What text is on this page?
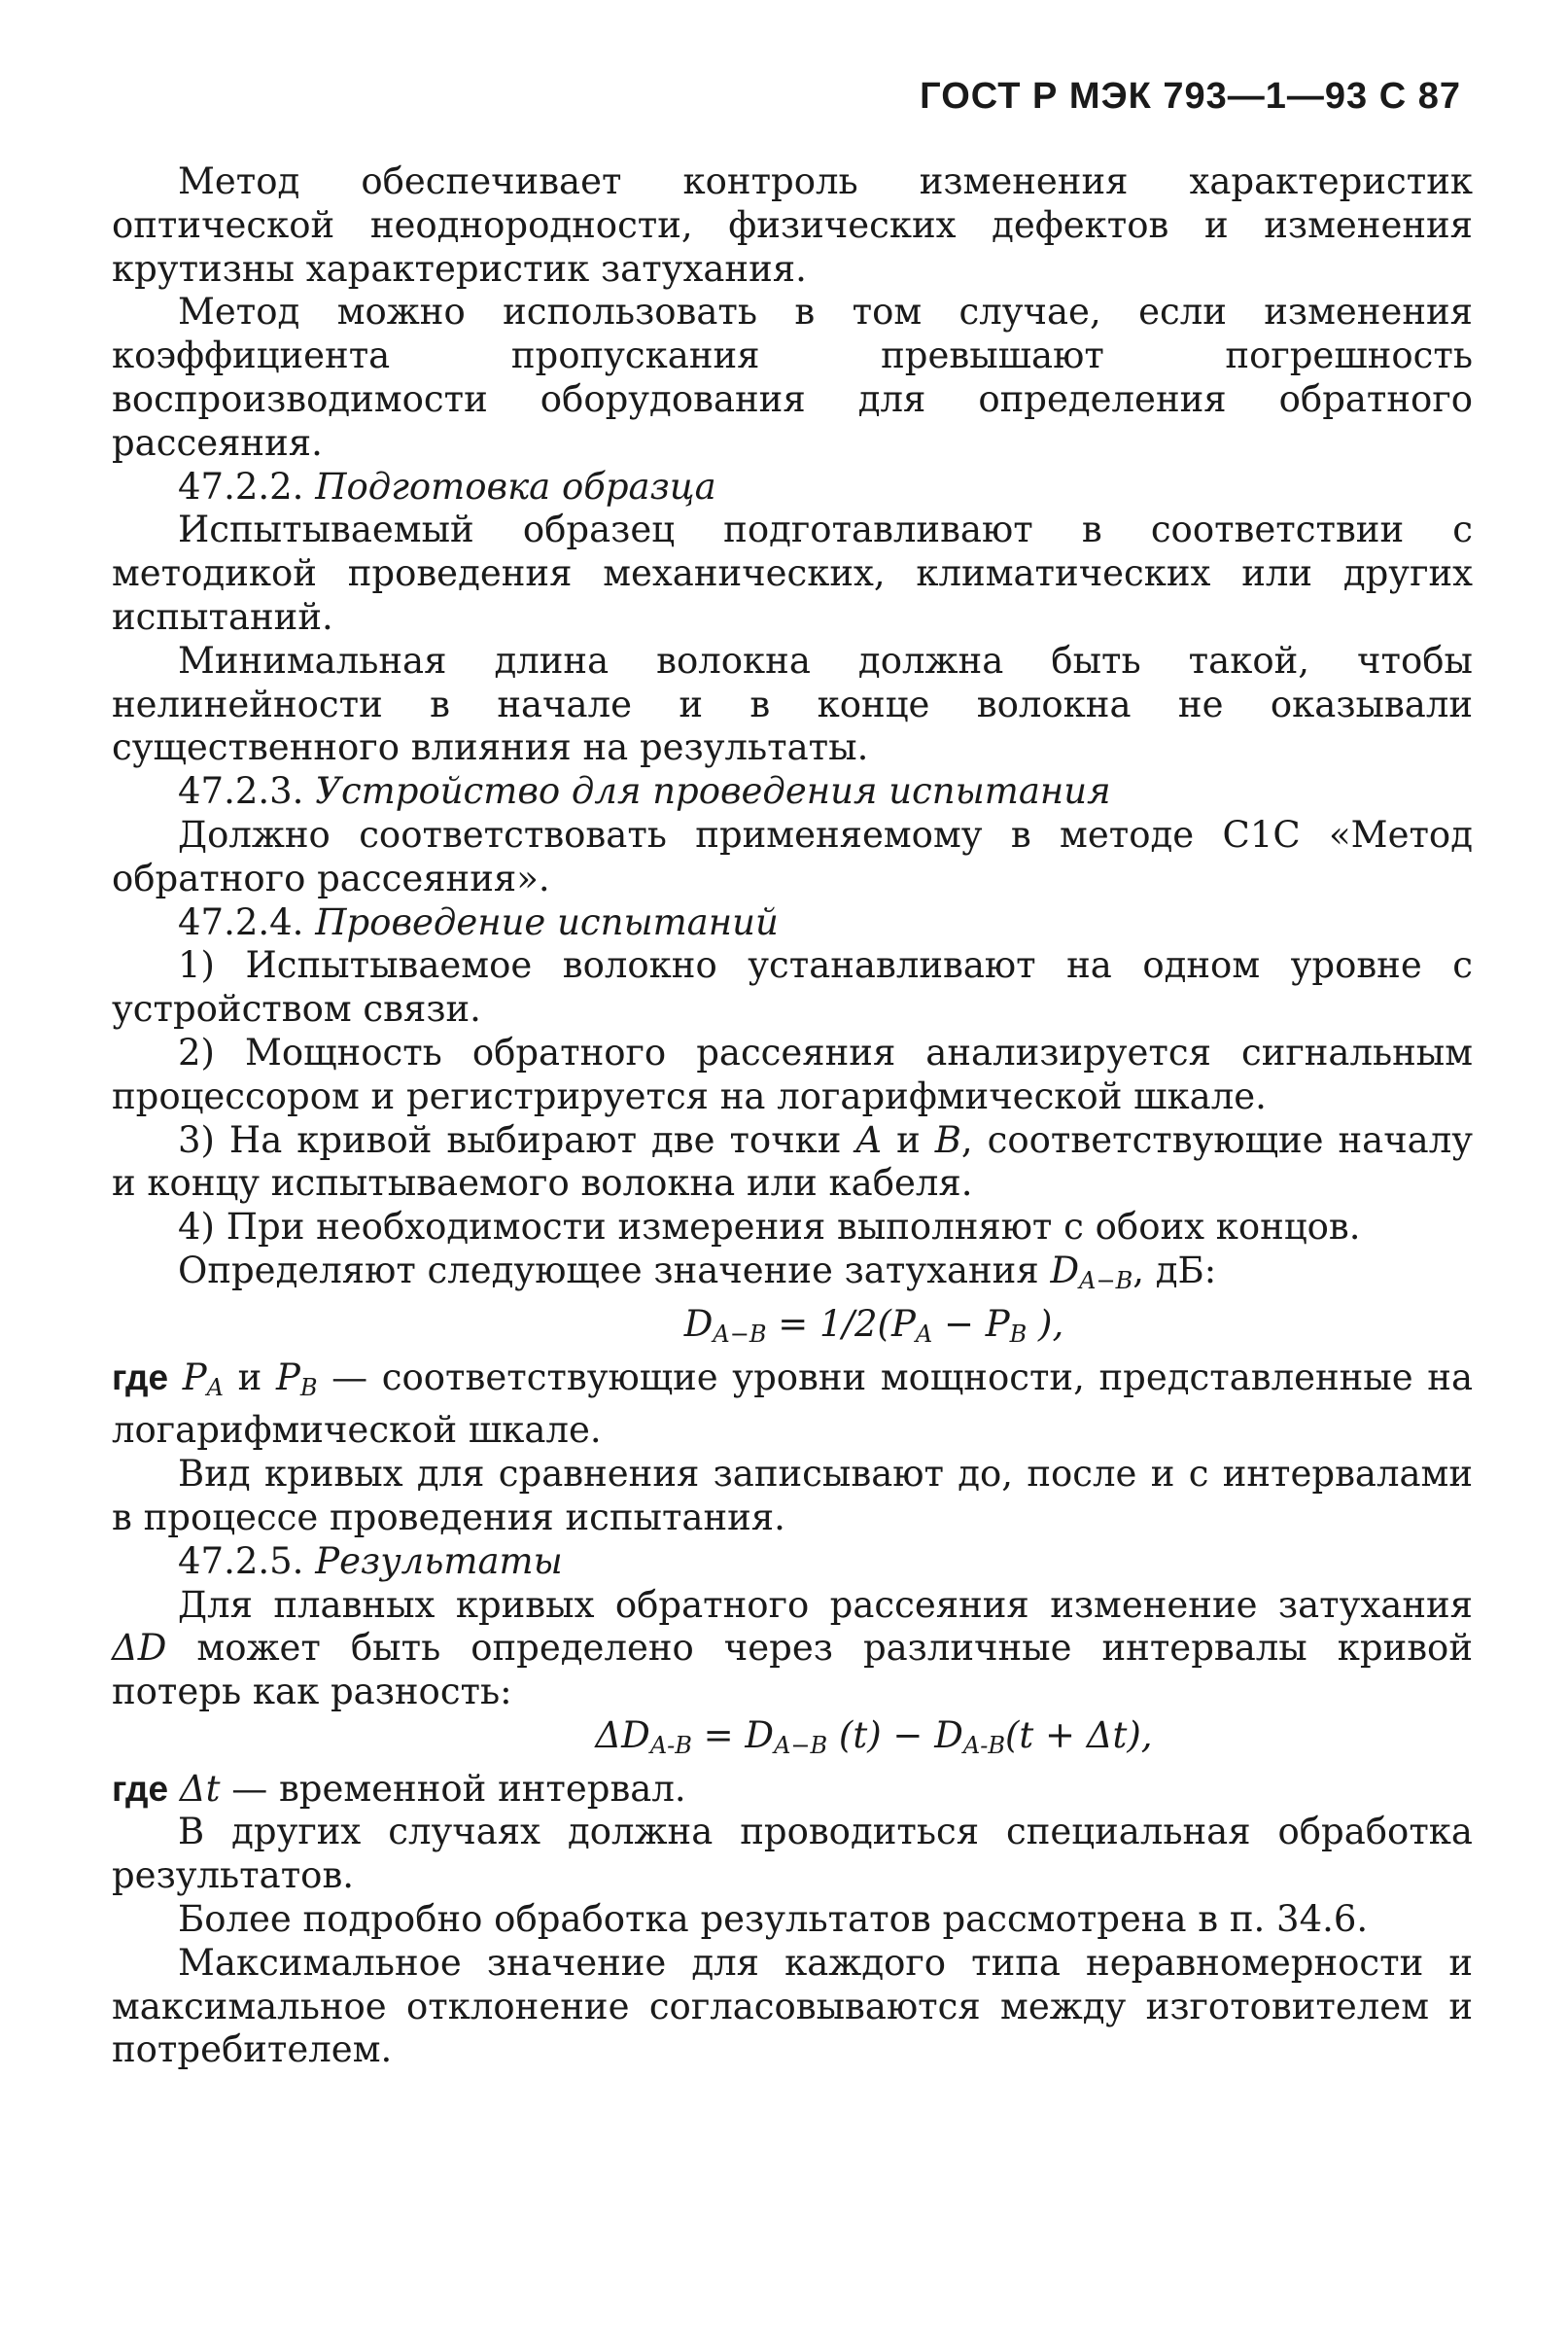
ГОСТ Р МЭК 793—1—93 С 87

Метод обеспечивает контроль изменения характеристик оптической неоднородности, физических дефектов и изменения крутизны характеристик затухания.

Метод можно использовать в том случае, если изменения коэффициента пропускания превышают погрешность воспроизводимости оборудования для определения обратного рассеяния.

47.2.2. Подготовка образца

Испытываемый образец подготавливают в соответствии с методикой проведения механических, климатических или других испытаний.

Минимальная длина волокна должна быть такой, чтобы нелинейности в начале и в конце волокна не оказывали существенного влияния на результаты.

47.2.3. Устройство для проведения испытания

Должно соответствовать применяемому в методе С1С «Метод обратного рассеяния».

47.2.4. Проведение испытаний

1) Испытываемое волокно устанавливают на одном уровне с устройством связи.

2) Мощность обратного рассеяния анализируется сигнальным процессором и регистрируется на логарифмической шкале.

3) На кривой выбирают две точки A и B, соответствующие началу и концу испытываемого волокна или кабеля.

4) При необходимости измерения выполняют с обоих концов.

Определяют следующее значение затухания $D_{A-B}$, дБ:

$D_{A-B} = 1/2(P_A - P_B$ ),

где $P_A$ и $P_B$ — соответствующие уровни мощности, представленные на логарифмической шкале.

Вид кривых для сравнения записывают до, после и с интервалами в процессе проведения испытания.

47.2.5. Результаты

Для плавных кривых обратного рассеяния изменение затухания ΔD может быть определено через различные интервалы кривой потерь как разность:

$\Delta D_{A-B} = D_{A-B}$ $(t) - D_{A-B}(t + \Delta t)$,

где Δt — временной интервал.

В других случаях должна проводиться специальная обработка результатов.

Более подробно обработка результатов рассмотрена в п. 34.6.

Максимальное значение для каждого типа неравномерности и максимальное отклонение согласовываются между изготовителем и потребителем.
